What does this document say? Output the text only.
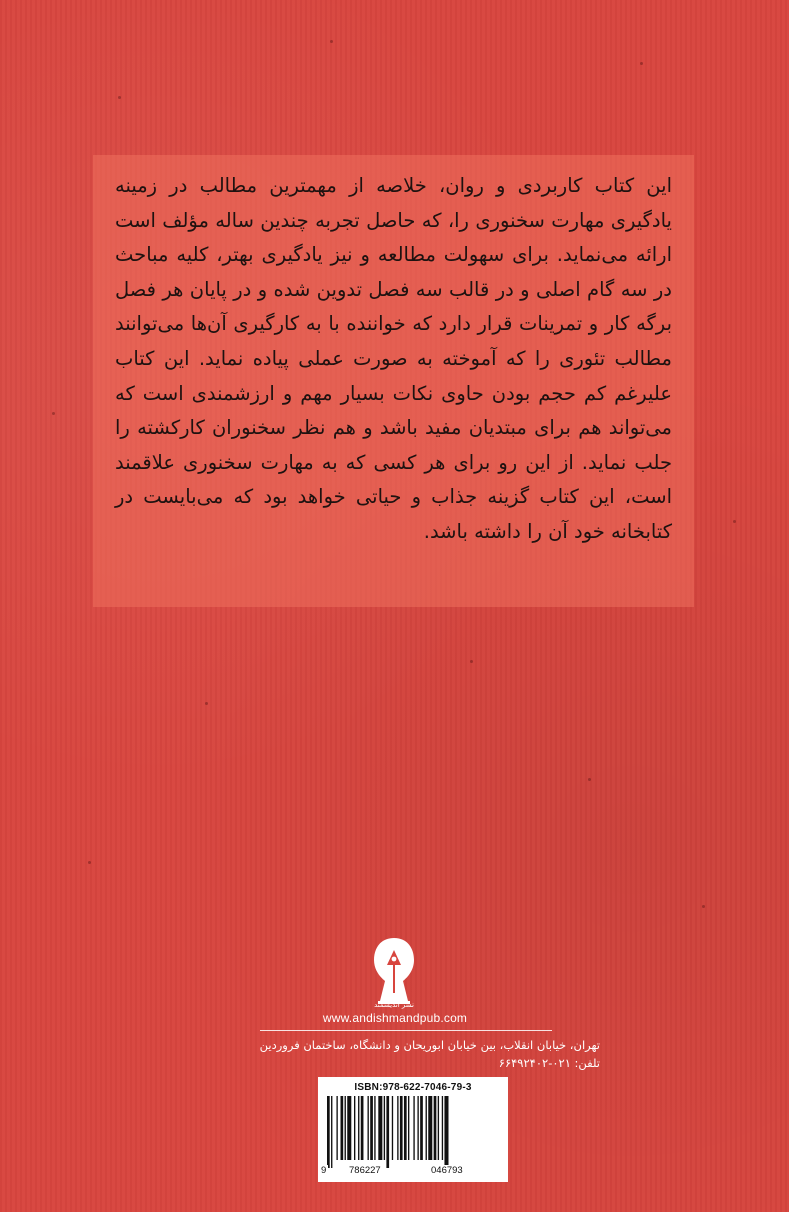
این کتاب کاربردی و روان، خلاصه از مهمترین مطالب در زمینه یادگیری مهارت سخنوری را، که حاصل تجربه چندین ساله مؤلف است ارائه می‌نماید. برای سهولت مطالعه و نیز یادگیری بهتر، کلیه مباحث در سه گام اصلی و در قالب سه فصل تدوین شده و در پایان هر فصل برگه کار و تمرینات قرار دارد که خواننده با به کارگیری آن‌ها می‌توانند مطالب تئوری را که آموخته به صورت عملی پیاده نماید. این کتاب علیرغم کم حجم بودن حاوی نکات بسیار مهم و ارزشمندی است که می‌تواند هم برای مبتدیان مفید باشد و هم نظر سخنوران کارکشته را جلب نماید. از این رو برای هر کسی که به مهارت سخنوری علاقمند است، این کتاب گزینه جذاب و حیاتی خواهد بود که می‌بایست در کتابخانه خود آن را داشته باشد.

نشر اندیشمند
www.andishmandpub.com
تهران، خیابان انقلاب، بین خیابان ابوریحان و دانشگاه، ساختمان فروردین
تلفن: ۰۲۱-۶۶۴۹۲۴۰۲
ISBN:978-622-7046-79-3
9 786227	046793
